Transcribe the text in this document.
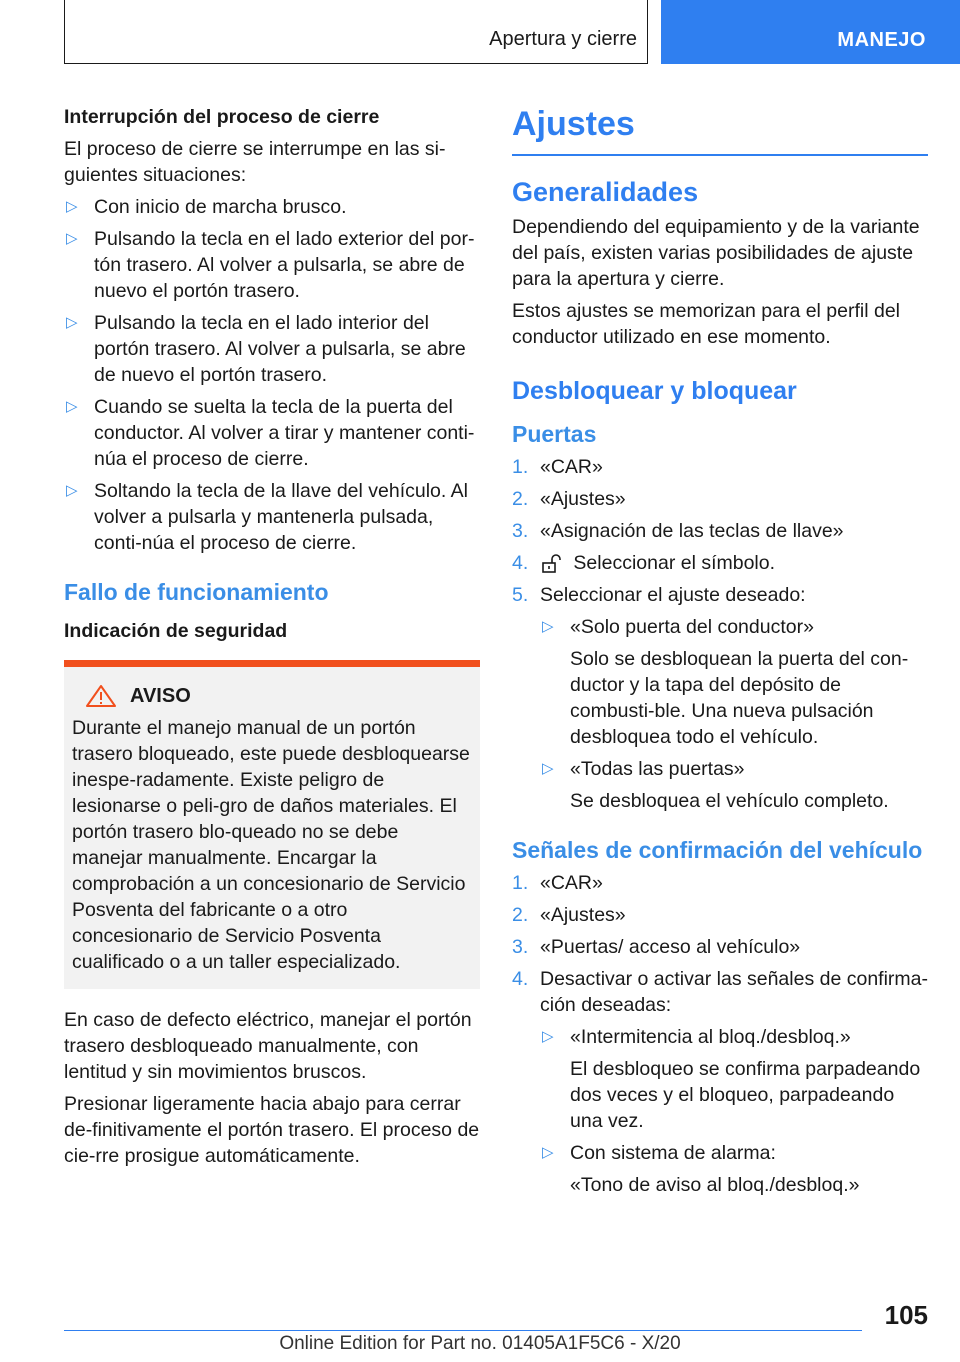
Apertura y cierre	MANEJO
Interrupción del proceso de cierre

El proceso de cierre se interrumpe en las si-guientes situaciones:

▷ Con inicio de marcha brusco.
▷ Pulsando la tecla en el lado exterior del por-tón trasero. Al volver a pulsarla, se abre de nuevo el portón trasero.
▷ Pulsando la tecla en el lado interior del portón trasero. Al volver a pulsarla, se abre de nuevo el portón trasero.
▷ Cuando se suelta la tecla de la puerta del conductor. Al volver a tirar y mantener conti-núa el proceso de cierre.
▷ Soltando la tecla de la llave del vehículo. Al volver a pulsarla y mantenerla pulsada, conti-núa el proceso de cierre.
Fallo de funcionamiento
Indicación de seguridad
AVISO

Durante el manejo manual de un portón trasero bloqueado, este puede desbloquearse inespe-radamente. Existe peligro de lesionarse o peli-gro de daños materiales. El portón trasero blo-queado no se debe manejar manualmente. Encargar la comprobación a un concesionario de Servicio Posventa del fabricante o a otro concesionario de Servicio Posventa cualificado o a un taller especializado.

En caso de defecto eléctrico, manejar el portón trasero desbloqueado manualmente, con lentitud y sin movimientos bruscos.

Presionar ligeramente hacia abajo para cerrar de-finitivamente el portón trasero. El proceso de cie-rre prosigue automáticamente.

Ajustes
Generalidades

Dependiendo del equipamiento y de la variante del país, existen varias posibilidades de ajuste para la apertura y cierre.

Estos ajustes se memorizan para el perfil del conductor utilizado en ese momento.

Desbloquear y bloquear
Puertas
1. «CAR»
2. «Ajustes»
3. «Asignación de las teclas de llave»
4. Seleccionar el símbolo.
5. Seleccionar el ajuste deseado:
▷ «Solo puerta del conductor»

Solo se desbloquean la puerta del con-ductor y la tapa del depósito de combusti-ble. Una nueva pulsación desbloquea todo el vehículo.

▷ «Todas las puertas»

Se desbloquea el vehículo completo.

Señales de confirmación del vehículo
1. «CAR»
2. «Ajustes»
3. «Puertas/ acceso al vehículo»
4. Desactivar o activar las señales de confirma-ción deseadas:
▷ «Intermitencia al bloq./desbloq.»

El desbloqueo se confirma parpadeando dos veces y el bloqueo, parpadeando una vez.

▷ Con sistema de alarma:

«Tono de aviso al bloq./desbloq.»

105
Online Edition for Part no. 01405A1F5C6 - X/20
